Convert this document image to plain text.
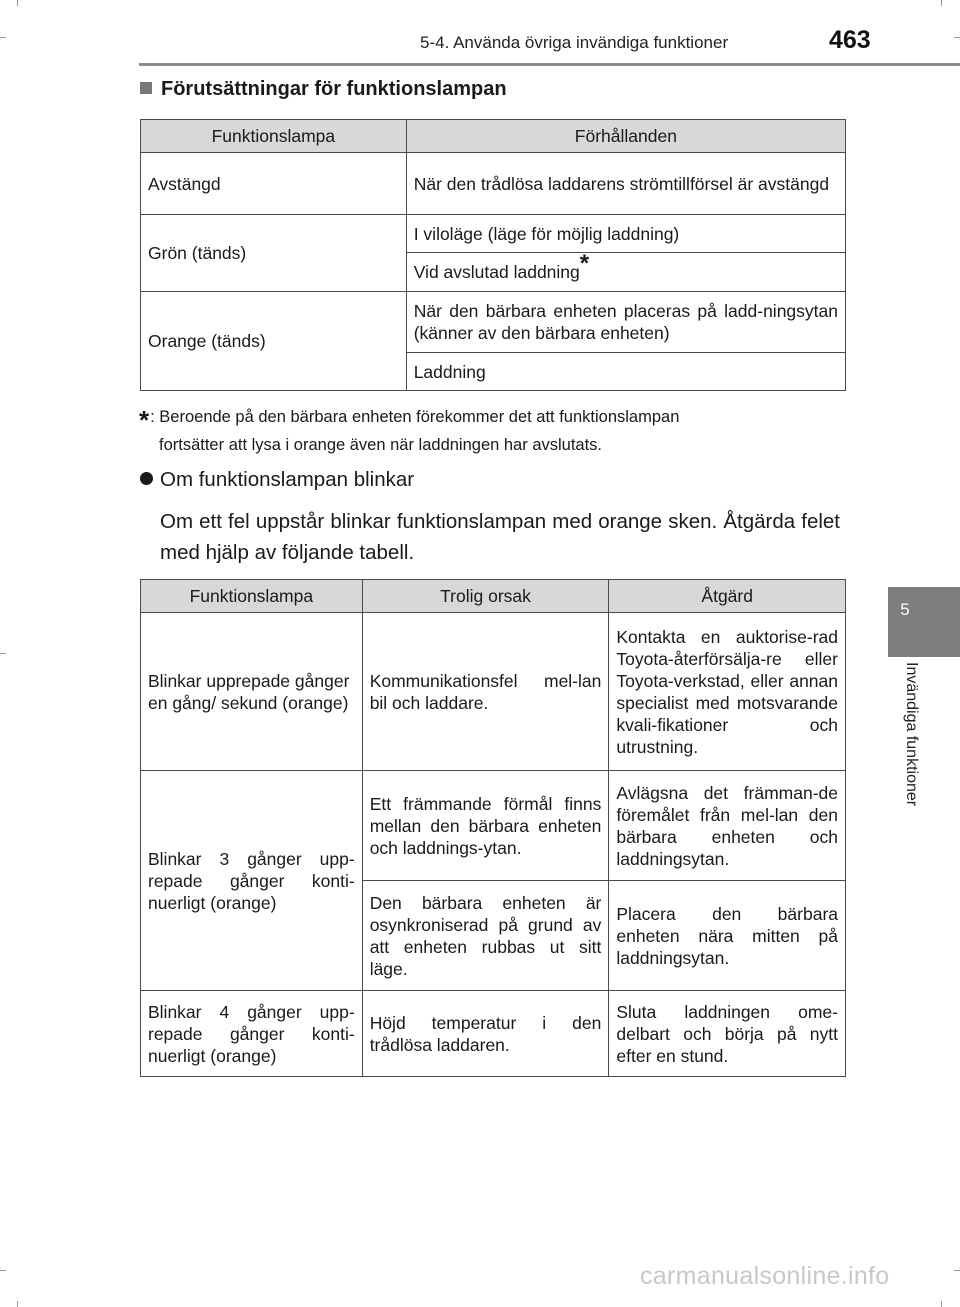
5-4. Använda övriga invändiga funktioner	463
5
Invändiga funktioner
Förutsättningar för funktionslampan
Funktionslampa	Förhållanden
Avstängd	När den trådlösa laddarens strömtillförsel är avstängd
Grön (tänds)	I viloläge (läge för möjlig laddning)
	Vid avslutad laddning*
Orange (tänds)	När den bärbara enheten placeras på ladd-ningsytan (känner av den bärbara enheten)
	Laddning
*: Beroende på den bärbara enheten förekommer det att funktionslampan
fortsätter att lysa i orange även när laddningen har avslutats.
Om funktionslampan blinkar
Om ett fel uppstår blinkar funktionslampan med orange sken. Åtgärda felet med hjälp av följande tabell.
Funktionslampa	Trolig orsak	Åtgärd
Blinkar upprepade gånger en gång/ sekund (orange)	Kommunikationsfel mel-lan bil och laddare.	Kontakta en auktorise-rad Toyota-återförsälja-re eller Toyota-verkstad, eller annan specialist med motsvarande kvali-fikationer och utrustning.
Blinkar 3 gånger upp-repade gånger konti-nuerligt (orange)	Ett främmande förmål finns mellan den bärbara enheten och laddnings-ytan.	Avlägsna det främman-de föremålet från mel-lan den bärbara enheten och laddningsytan.
	Den bärbara enheten är osynkroniserad på grund av att enheten rubbas ut sitt läge.	Placera den bärbara enheten nära mitten på laddningsytan.
Blinkar 4 gånger upp-repade gånger konti-nuerligt (orange)	Höjd temperatur i den trådlösa laddaren.	Sluta laddningen ome-delbart och börja på nytt efter en stund.
carmanualsonline.info
